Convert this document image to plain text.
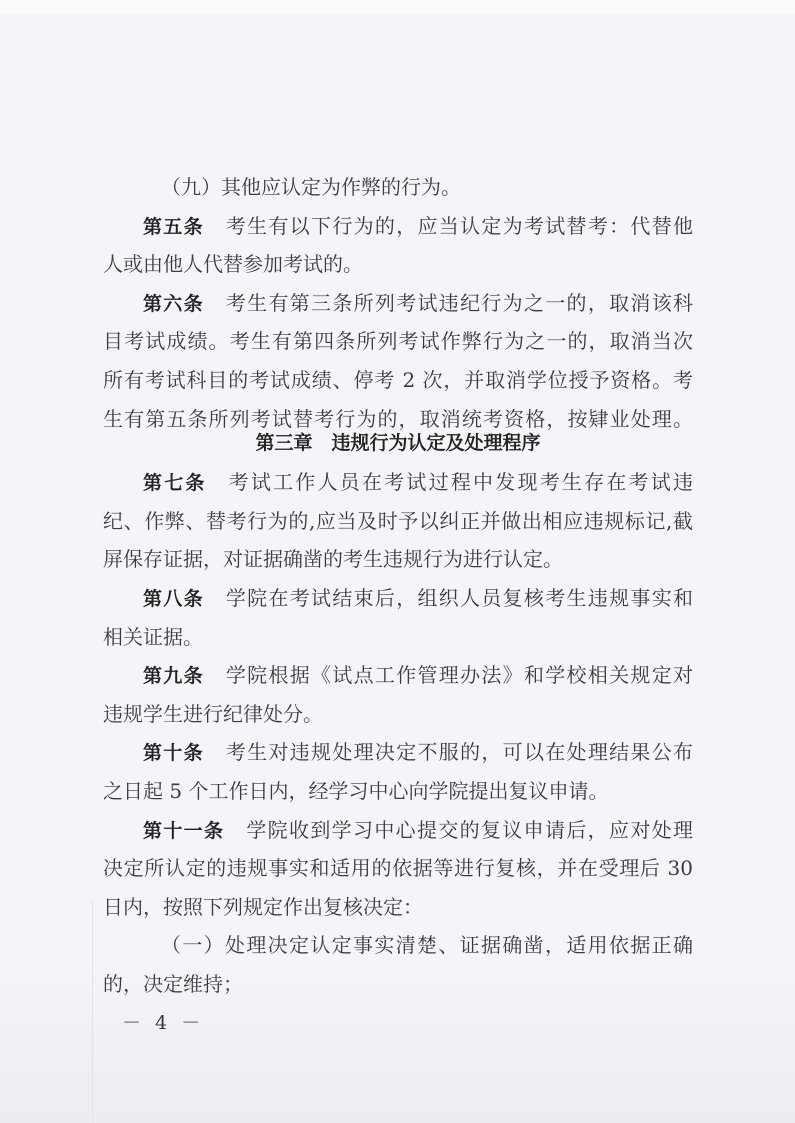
（九）其他应认定为作弊的行为。
第五条 考生有以下行为的，应当认定为考试替考：代替他
人或由他人代替参加考试的。
第六条 考生有第三条所列考试违纪行为之一的，取消该科
目考试成绩。考生有第四条所列考试作弊行为之一的，取消当次
所有考试科目的考试成绩、停考 2 次，并取消学位授予资格。考
生有第五条所列考试替考行为的，取消统考资格，按肄业处理。
第三章　违规行为认定及处理程序
第七条 考试工作人员在考试过程中发现考生存在考试违
纪、作弊、替考行为的,应当及时予以纠正并做出相应违规标记,截
屏保存证据，对证据确凿的考生违规行为进行认定。
第八条 学院在考试结束后，组织人员复核考生违规事实和
相关证据。
第九条 学院根据《试点工作管理办法》和学校相关规定对
违规学生进行纪律处分。
第十条 考生对违规处理决定不服的，可以在处理结果公布
之日起 5 个工作日内，经学习中心向学院提出复议申请。
第十一条 学院收到学习中心提交的复议申请后，应对处理
决定所认定的违规事实和适用的依据等进行复核，并在受理后 30
日内，按照下列规定作出复核决定：
（一）处理决定认定事实清楚、证据确凿，适用依据正确
的，决定维持；
－ 4 －
